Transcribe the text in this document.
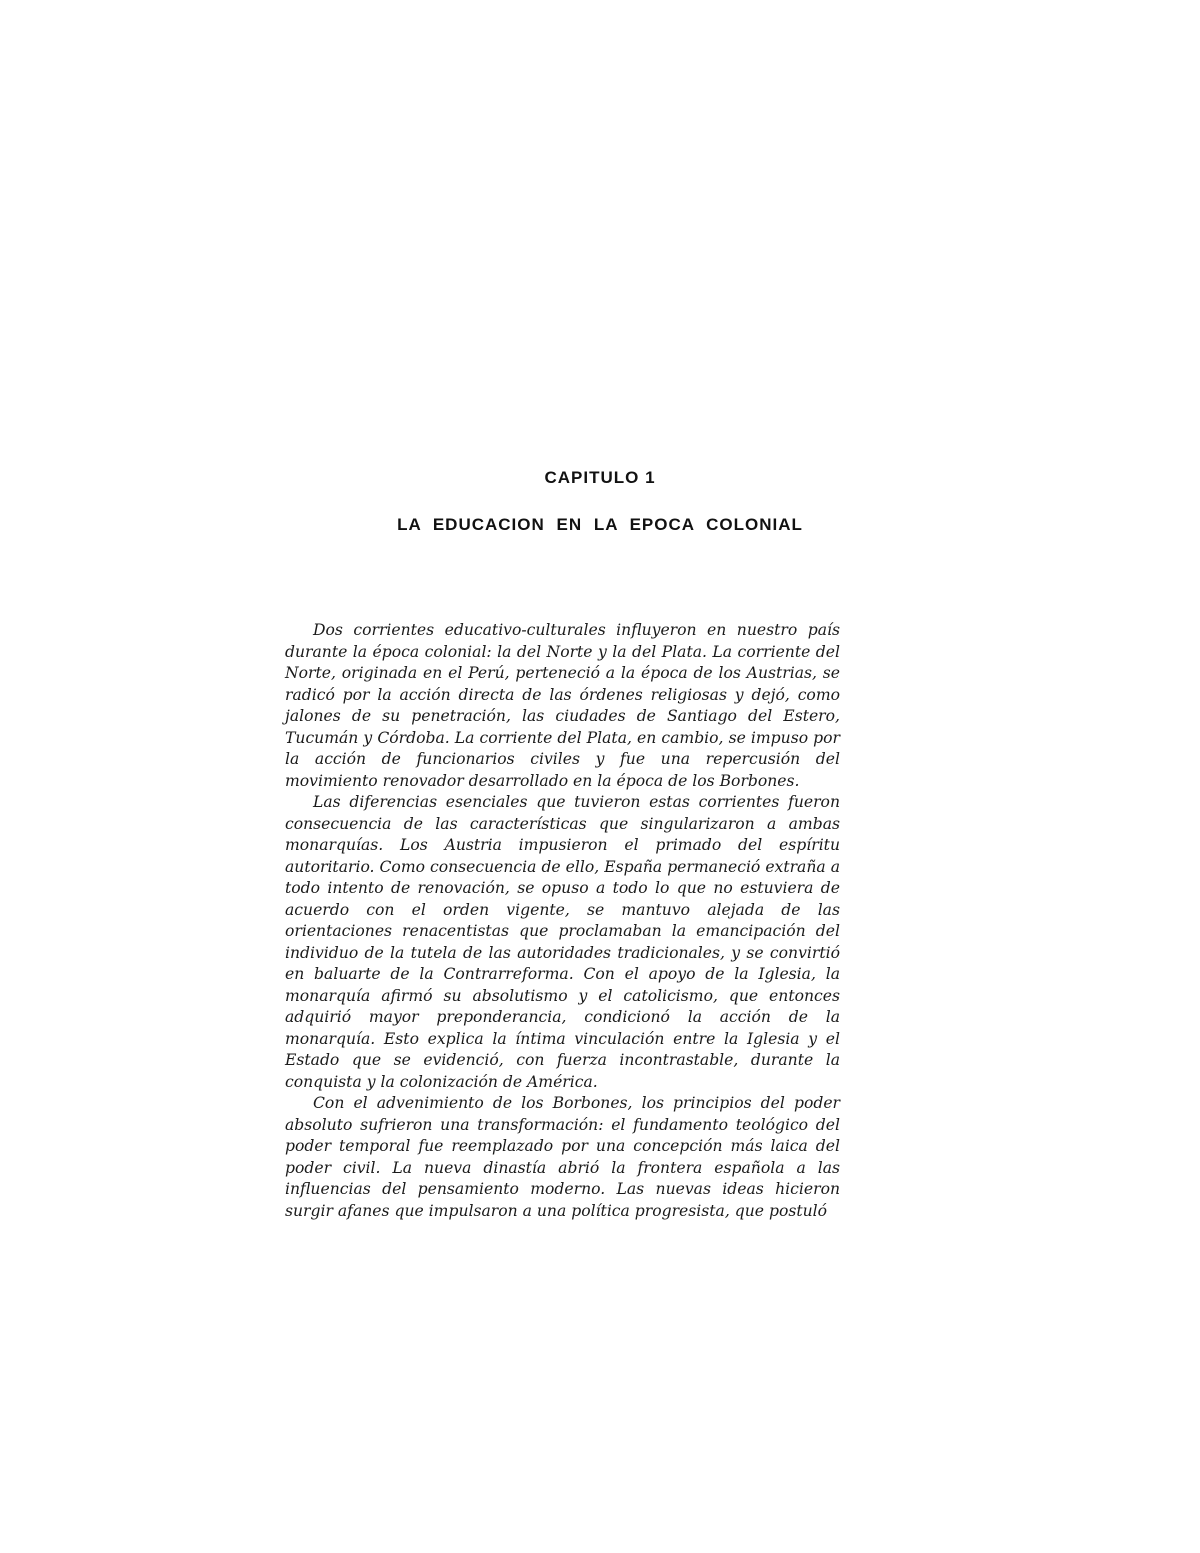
CAPITULO 1
LA EDUCACION EN LA EPOCA COLONIAL

Dos corrientes educativo-culturales influyeron en nuestro país durante la época colonial: la del Norte y la del Plata. La corriente del Norte, originada en el Perú, perteneció a la época de los Austrias, se radicó por la acción directa de las órdenes religiosas y dejó, como jalones de su penetración, las ciudades de Santiago del Estero, Tucumán y Córdoba. La corriente del Plata, en cambio, se impuso por la acción de funcionarios civiles y fue una repercusión del movimiento renovador desarrollado en la época de los Borbones.

Las diferencias esenciales que tuvieron estas corrientes fueron consecuencia de las características que singularizaron a ambas monarquías. Los Austria impusieron el primado del espíritu autoritario. Como consecuencia de ello, España permaneció extraña a todo intento de renovación, se opuso a todo lo que no estuviera de acuerdo con el orden vigente, se mantuvo alejada de las orientaciones renacentistas que proclamaban la emancipación del individuo de la tutela de las autoridades tradicionales, y se convirtió en baluarte de la Contrarreforma. Con el apoyo de la Iglesia, la monarquía afirmó su absolutismo y el catolicismo, que entonces adquirió mayor preponderancia, condicionó la acción de la monarquía. Esto explica la íntima vinculación entre la Iglesia y el Estado que se evidenció, con fuerza incontrastable, durante la conquista y la colonización de América.

Con el advenimiento de los Borbones, los principios del poder absoluto sufrieron una transformación: el fundamento teológico del poder temporal fue reemplazado por una concepción más laica del poder civil. La nueva dinastía abrió la frontera española a las influencias del pensamiento moderno. Las nuevas ideas hicieron surgir afanes que impulsaron a una política progresista, que postuló
